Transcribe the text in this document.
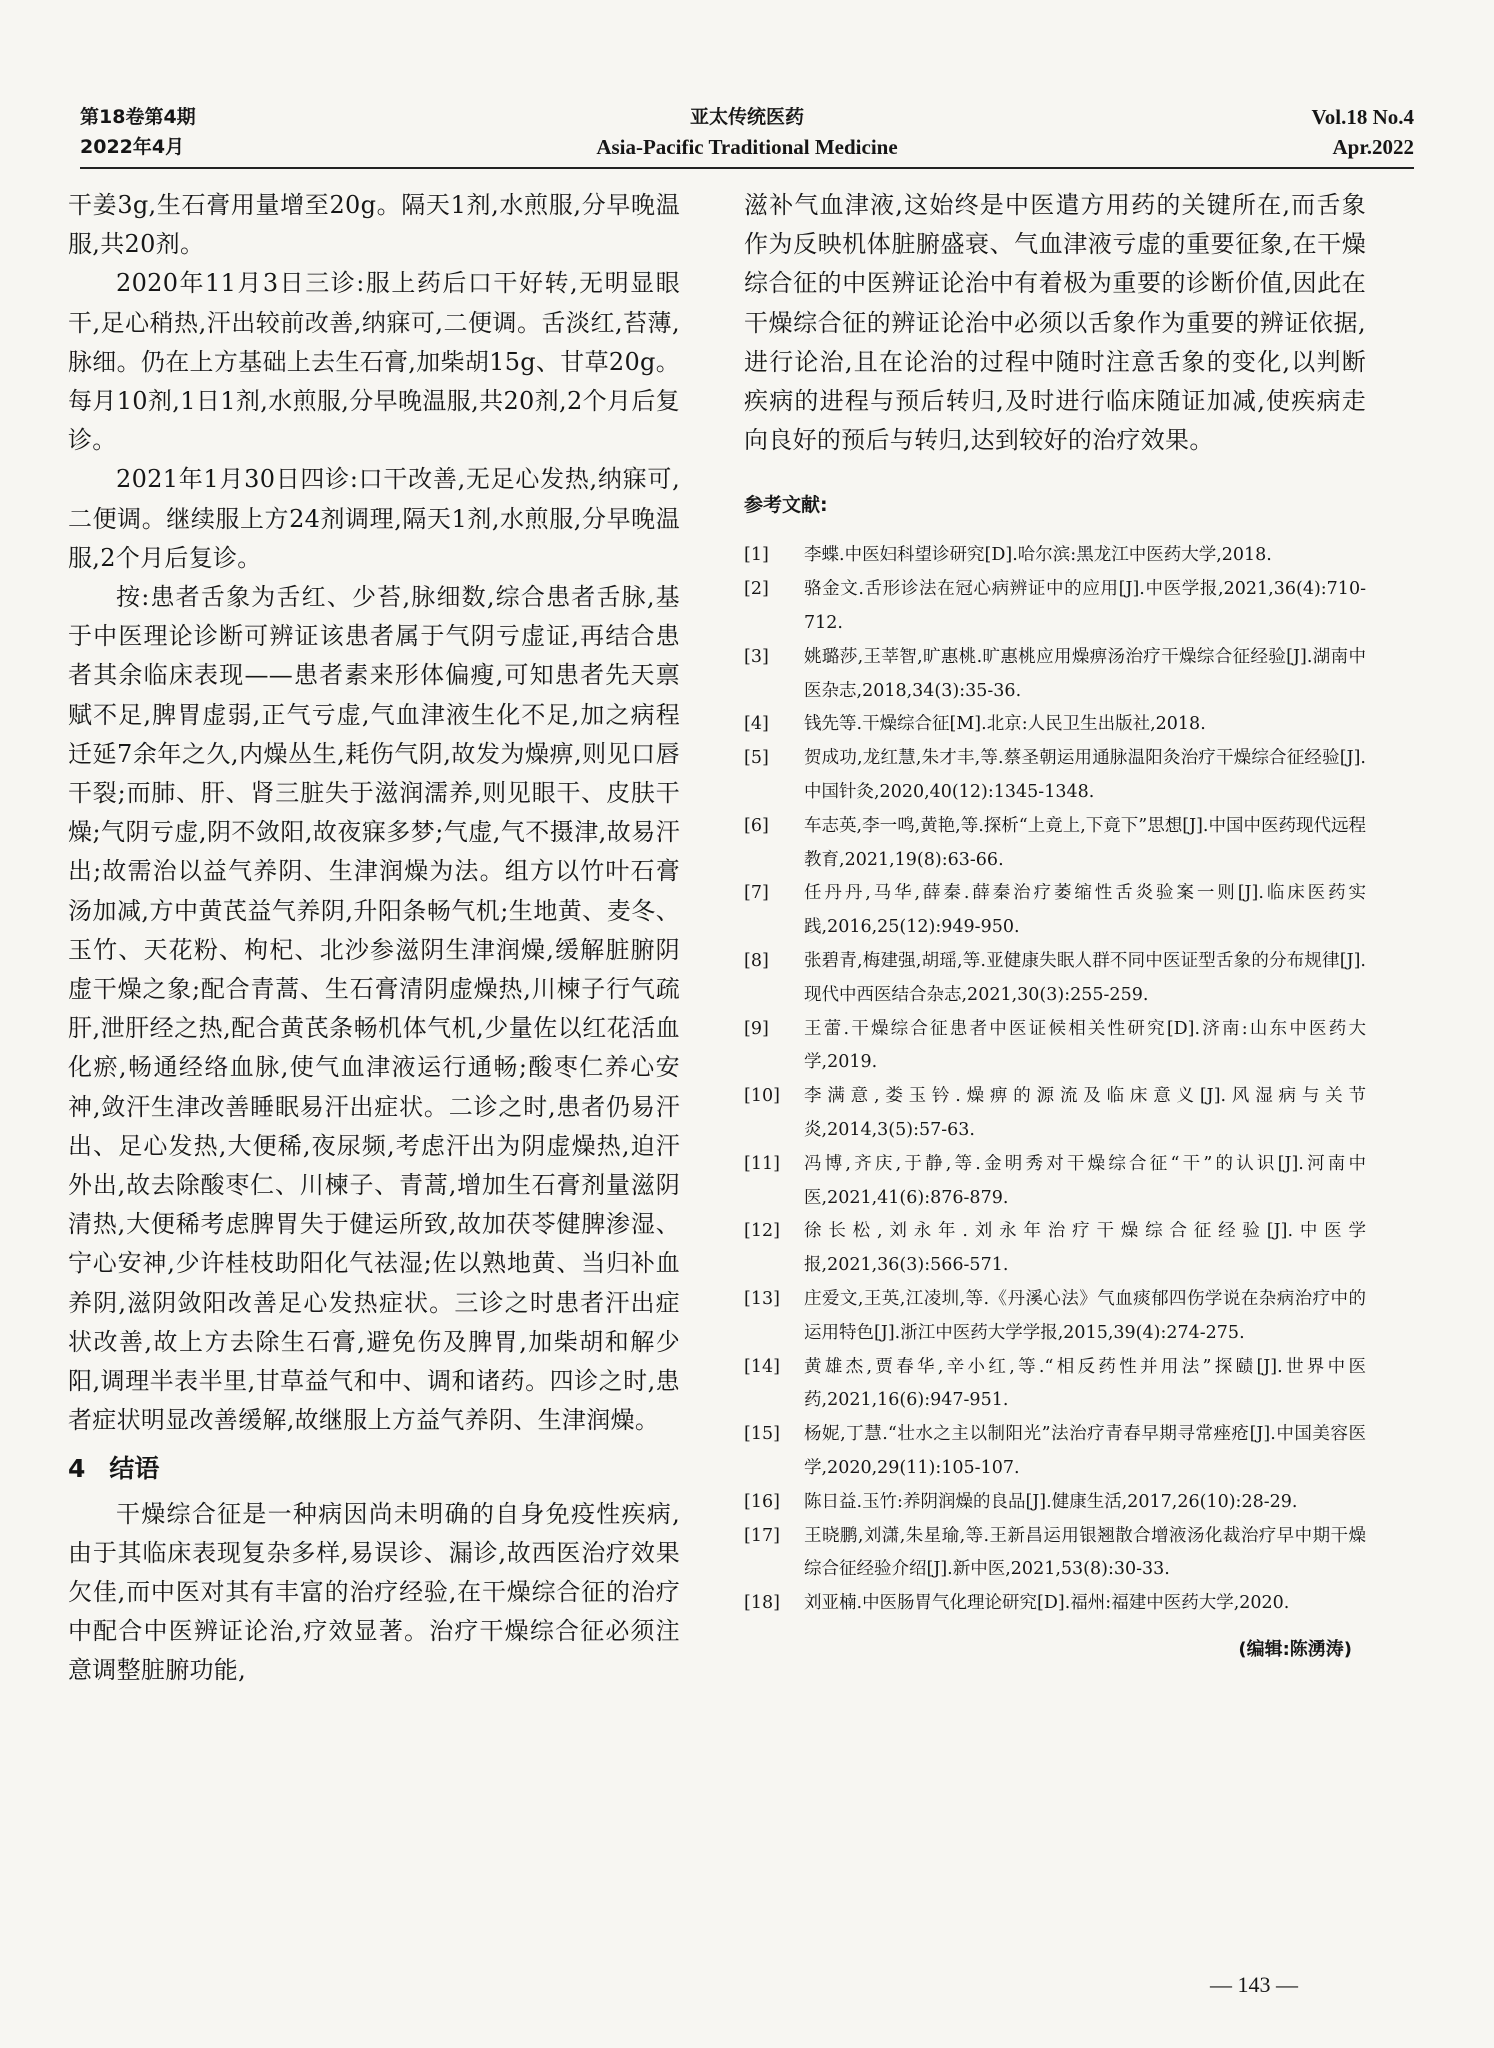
第18卷第4期
2022年4月
亚太传统医药
Asia-Pacific Traditional Medicine
Vol.18 No.4
Apr.2022

干姜3g,生石膏用量增至20g。隔天1剂,水煎服,分早晚温服,共20剂。

2020年11月3日三诊:服上药后口干好转,无明显眼干,足心稍热,汗出较前改善,纳寐可,二便调。舌淡红,苔薄,脉细。仍在上方基础上去生石膏,加柴胡15g、甘草20g。每月10剂,1日1剂,水煎服,分早晚温服,共20剂,2个月后复诊。

2021年1月30日四诊:口干改善,无足心发热,纳寐可,二便调。继续服上方24剂调理,隔天1剂,水煎服,分早晚温服,2个月后复诊。

按:患者舌象为舌红、少苔,脉细数,综合患者舌脉,基于中医理论诊断可辨证该患者属于气阴亏虚证,再结合患者其余临床表现——患者素来形体偏瘦,可知患者先天禀赋不足,脾胃虚弱,正气亏虚,气血津液生化不足,加之病程迁延7余年之久,内燥丛生,耗伤气阴,故发为燥痹,则见口唇干裂;而肺、肝、肾三脏失于滋润濡养,则见眼干、皮肤干燥;气阴亏虚,阴不敛阳,故夜寐多梦;气虚,气不摄津,故易汗出;故需治以益气养阴、生津润燥为法。组方以竹叶石膏汤加减,方中黄芪益气养阴,升阳条畅气机;生地黄、麦冬、玉竹、天花粉、枸杞、北沙参滋阴生津润燥,缓解脏腑阴虚干燥之象;配合青蒿、生石膏清阴虚燥热,川楝子行气疏肝,泄肝经之热,配合黄芪条畅机体气机,少量佐以红花活血化瘀,畅通经络血脉,使气血津液运行通畅;酸枣仁养心安神,敛汗生津改善睡眠易汗出症状。二诊之时,患者仍易汗出、足心发热,大便稀,夜尿频,考虑汗出为阴虚燥热,迫汗外出,故去除酸枣仁、川楝子、青蒿,增加生石膏剂量滋阴清热,大便稀考虑脾胃失于健运所致,故加茯苓健脾渗湿、宁心安神,少许桂枝助阳化气祛湿;佐以熟地黄、当归补血养阴,滋阴敛阳改善足心发热症状。三诊之时患者汗出症状改善,故上方去除生石膏,避免伤及脾胃,加柴胡和解少阳,调理半表半里,甘草益气和中、调和诸药。四诊之时,患者症状明显改善缓解,故继服上方益气养阴、生津润燥。

4 结语

干燥综合征是一种病因尚未明确的自身免疫性疾病,由于其临床表现复杂多样,易误诊、漏诊,故西医治疗效果欠佳,而中医对其有丰富的治疗经验,在干燥综合征的治疗中配合中医辨证论治,疗效显著。治疗干燥综合征必须注意调整脏腑功能,

滋补气血津液,这始终是中医遣方用药的关键所在,而舌象作为反映机体脏腑盛衰、气血津液亏虚的重要征象,在干燥综合征的中医辨证论治中有着极为重要的诊断价值,因此在干燥综合征的辨证论治中必须以舌象作为重要的辨证依据,进行论治,且在论治的过程中随时注意舌象的变化,以判断疾病的进程与预后转归,及时进行临床随证加减,使疾病走向良好的预后与转归,达到较好的治疗效果。

参考文献:
[1]	李蝶.中医妇科望诊研究[D].哈尔滨:黑龙江中医药大学,2018.
[2]	骆金文.舌形诊法在冠心病辨证中的应用[J].中医学报,2021,36(4):710-712.
[3]	姚璐莎,王莘智,旷惠桃.旷惠桃应用燥痹汤治疗干燥综合征经验[J].湖南中医杂志,2018,34(3):35-36.
[4]	钱先等.干燥综合征[M].北京:人民卫生出版社,2018.
[5]	贺成功,龙红慧,朱才丰,等.蔡圣朝运用通脉温阳灸治疗干燥综合征经验[J].中国针灸,2020,40(12):1345-1348.
[6]	车志英,李一鸣,黄艳,等.探析“上竟上,下竟下”思想[J].中国中医药现代远程教育,2021,19(8):63-66.
[7]	任丹丹,马华,薛秦.薛秦治疗萎缩性舌炎验案一则[J].临床医药实践,2016,25(12):949-950.
[8]	张碧青,梅建强,胡瑶,等.亚健康失眠人群不同中医证型舌象的分布规律[J].现代中西医结合杂志,2021,30(3):255-259.
[9]	王蕾.干燥综合征患者中医证候相关性研究[D].济南:山东中医药大学,2019.
[10]	李满意,娄玉钤.燥痹的源流及临床意义[J].风湿病与关节炎,2014,3(5):57-63.
[11]	冯博,齐庆,于静,等.金明秀对干燥综合征“干”的认识[J].河南中医,2021,41(6):876-879.
[12]	徐长松,刘永年.刘永年治疗干燥综合征经验[J].中医学报,2021,36(3):566-571.
[13]	庄爱文,王英,江凌圳,等.《丹溪心法》气血痰郁四伤学说在杂病治疗中的运用特色[J].浙江中医药大学学报,2015,39(4):274-275.
[14]	黄雄杰,贾春华,辛小红,等.“相反药性并用法”探赜[J].世界中医药,2021,16(6):947-951.
[15]	杨妮,丁慧.“壮水之主以制阳光”法治疗青春早期寻常痤疮[J].中国美容医学,2020,29(11):105-107.
[16]	陈日益.玉竹:养阴润燥的良品[J].健康生活,2017,26(10):28-29.
[17]	王晓鹏,刘潇,朱星瑜,等.王新昌运用银翘散合增液汤化裁治疗早中期干燥综合征经验介绍[J].新中医,2021,53(8):30-33.
[18]	刘亚楠.中医肠胃气化理论研究[D].福州:福建中医药大学,2020.
(编辑:陈湧涛)
— 143 —
